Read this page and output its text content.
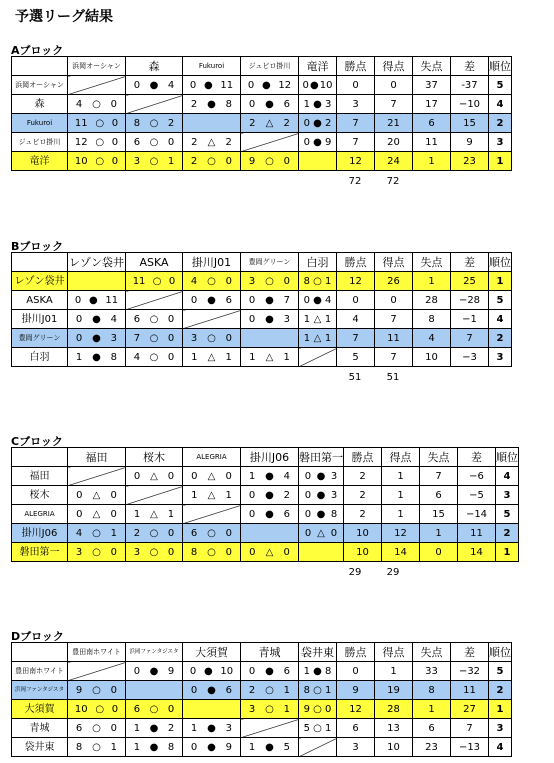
予選リーグ結果
Aブロック
	浜岡オーシャン	森	Fukuroi	ジュビロ掛川	竜洋	勝点	得点	失点	差	順位
浜岡オーシャン		0 ● 4	0 ● 11	0 ● 12	0 ● 10	0	0	37	-37	5
森	4 ○ 0		2 ● 8	0 ● 6	1 ● 3	3	7	17	−10	4
Fukuroi	11 ○ 0	8 ○ 2		2 △ 2	0 ● 2	7	21	6	15	2
ジュビロ掛川	12 ○ 0	6 ○ 0	2 △ 2		0 ● 9	7	20	11	9	3
竜洋	10 ○ 0	3 ○ 1	2 ○ 0	9 ○ 0		12	24	1	23	1
72	72
Bブロック
	レゾン袋井	ASKA	掛川J01	豊岡グリーン	白羽	勝点	得点	失点	差	順位
レゾン袋井		11 ○ 0	4 ○ 0	3 ○ 0	8 ○ 1	12	26	1	25	1
ASKA	0 ● 11		0 ● 6	0 ● 7	0 ● 4	0	0	28	−28	5
掛川J01	0 ● 4	6 ○ 0		0 ● 3	1 △ 1	4	7	8	−1	4
豊岡グリーン	0 ● 3	7 ○ 0	3 ○ 0		1 △ 1	7	11	4	7	2
白羽	1 ● 8	4 ○ 0	1 △ 1	1 △ 1		5	7	10	−3	3
51	51
Cブロック
	福田	桜木	ALEGRIA	掛川J06	磐田第一	勝点	得点	失点	差	順位
福田		0 △ 0	0 △ 0	1 ● 4	0 ● 3	2	1	7	−6	4
桜木	0 △ 0		1 △ 1	0 ● 2	0 ● 3	2	1	6	−5	3
ALEGRIA	0 △ 0	1 △ 1		0 ● 6	0 ● 8	2	1	15	−14	5
掛川J06	4 ○ 1	2 ○ 0	6 ○ 0		0 △ 0	10	12	1	11	2
磐田第一	3 ○ 0	3 ○ 0	8 ○ 0	0 △ 0		10	14	0	14	1
29	29
Dブロック
	豊田南ホワイト	浜岡ファンタジスタ	大須賀	青城	袋井東	勝点	得点	失点	差	順位
豊田南ホワイト		0 ● 9	0 ● 10	0 ● 6	1 ● 8	0	1	33	−32	5
浜岡ファンタジスタ	9 ○ 0		0 ● 6	2 ○ 1	8 ○ 1	9	19	8	11	2
大須賀	10 ○ 0	6 ○ 0		3 ○ 1	9 ○ 0	12	28	1	27	1
青城	6 ○ 0	1 ● 2	1 ● 3		5 ○ 1	6	13	6	7	3
袋井東	8 ○ 1	1 ● 8	0 ● 9	1 ● 5		3	10	23	−13	4
